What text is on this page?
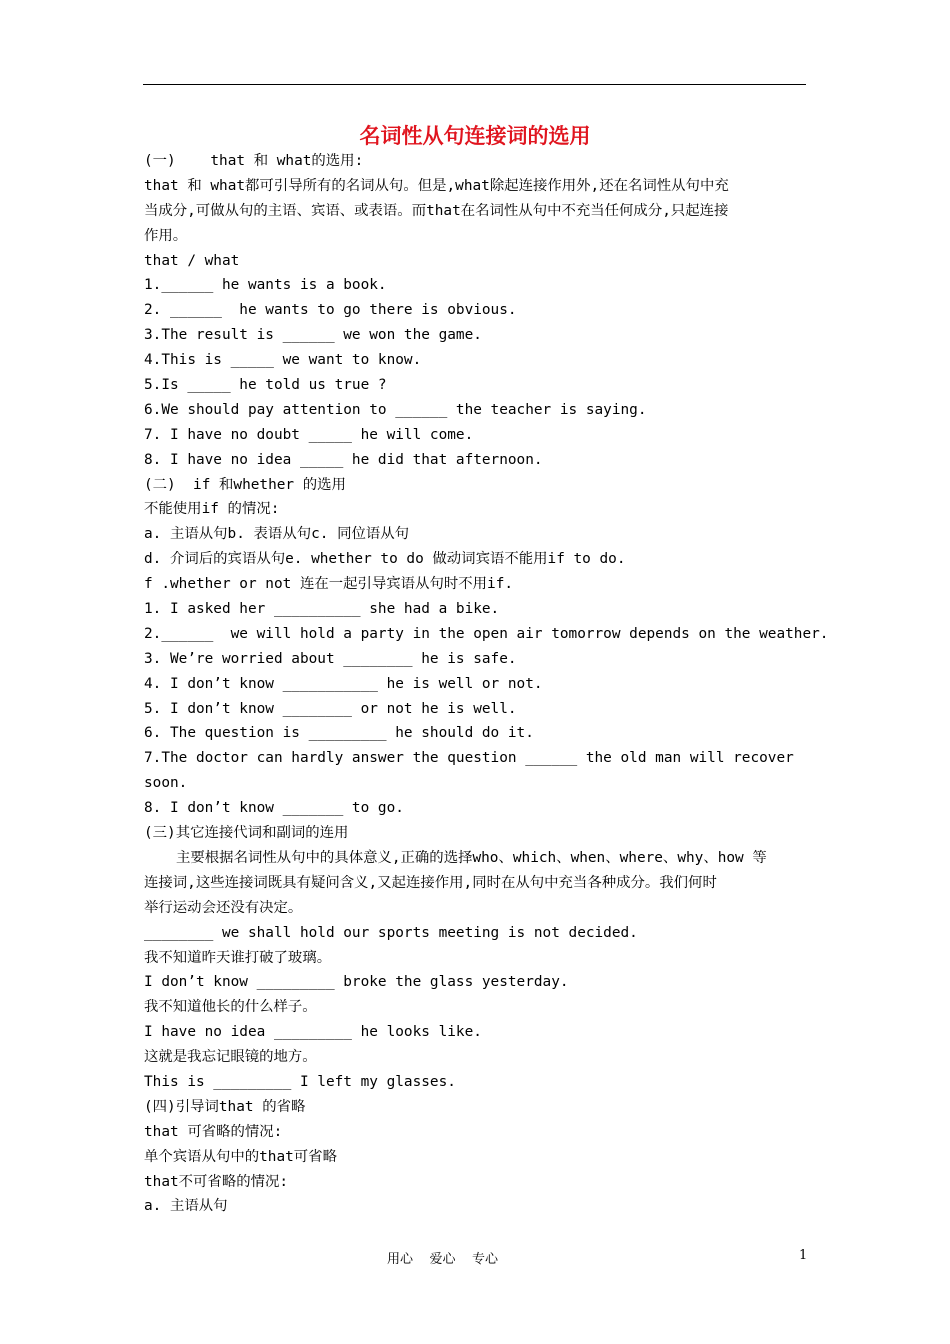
名词性从句连接词的选用
(一)    that 和 what的选用:
that 和 what都可引导所有的名词从句。但是,what除起连接作用外,还在名词性从句中充
当成分,可做从句的主语、宾语、或表语。而that在名词性从句中不充当任何成分,只起连接
作用。
that / what
1.______ he wants is a book.
2. ______  he wants to go there is obvious.
3.The result is ______ we won the game.
4.This is _____ we want to know.
5.Is _____ he told us true ?
6.We should pay attention to ______ the teacher is saying.
7. I have no doubt _____ he will come.
8. I have no idea _____ he did that afternoon.
(二)  if 和whether 的选用
不能使用if 的情况:
a. 主语从句b. 表语从句c. 同位语从句
d. 介词后的宾语从句e. whether to do 做动词宾语不能用if to do.
f .whether or not 连在一起引导宾语从句时不用if.
1. I asked her __________ she had a bike.
2.______  we will hold a party in the open air tomorrow depends on the weather.
3. We’re worried about ________ he is safe.
4. I don’t know ___________ he is well or not.
5. I don’t know ________ or not he is well.
6. The question is _________ he should do it.
7.The doctor can hardly answer the question ______ the old man will recover
soon.
8. I don’t know _______ to go.
(三)其它连接代词和副词的连用
主要根据名词性从句中的具体意义,正确的选择who、which、when、where、why、how 等
连接词,这些连接词既具有疑问含义,又起连接作用,同时在从句中充当各种成分。我们何时
举行运动会还没有决定。
________ we shall hold our sports meeting is not decided.
我不知道昨天谁打破了玻璃。
I don’t know _________ broke the glass yesterday.
我不知道他长的什么样子。
I have no idea _________ he looks like.
这就是我忘记眼镜的地方。
This is _________ I left my glasses.
(四)引导词that 的省略
that 可省略的情况:
单个宾语从句中的that可省略
that不可省略的情况:
a. 主语从句
用心    爱心    专心	1
